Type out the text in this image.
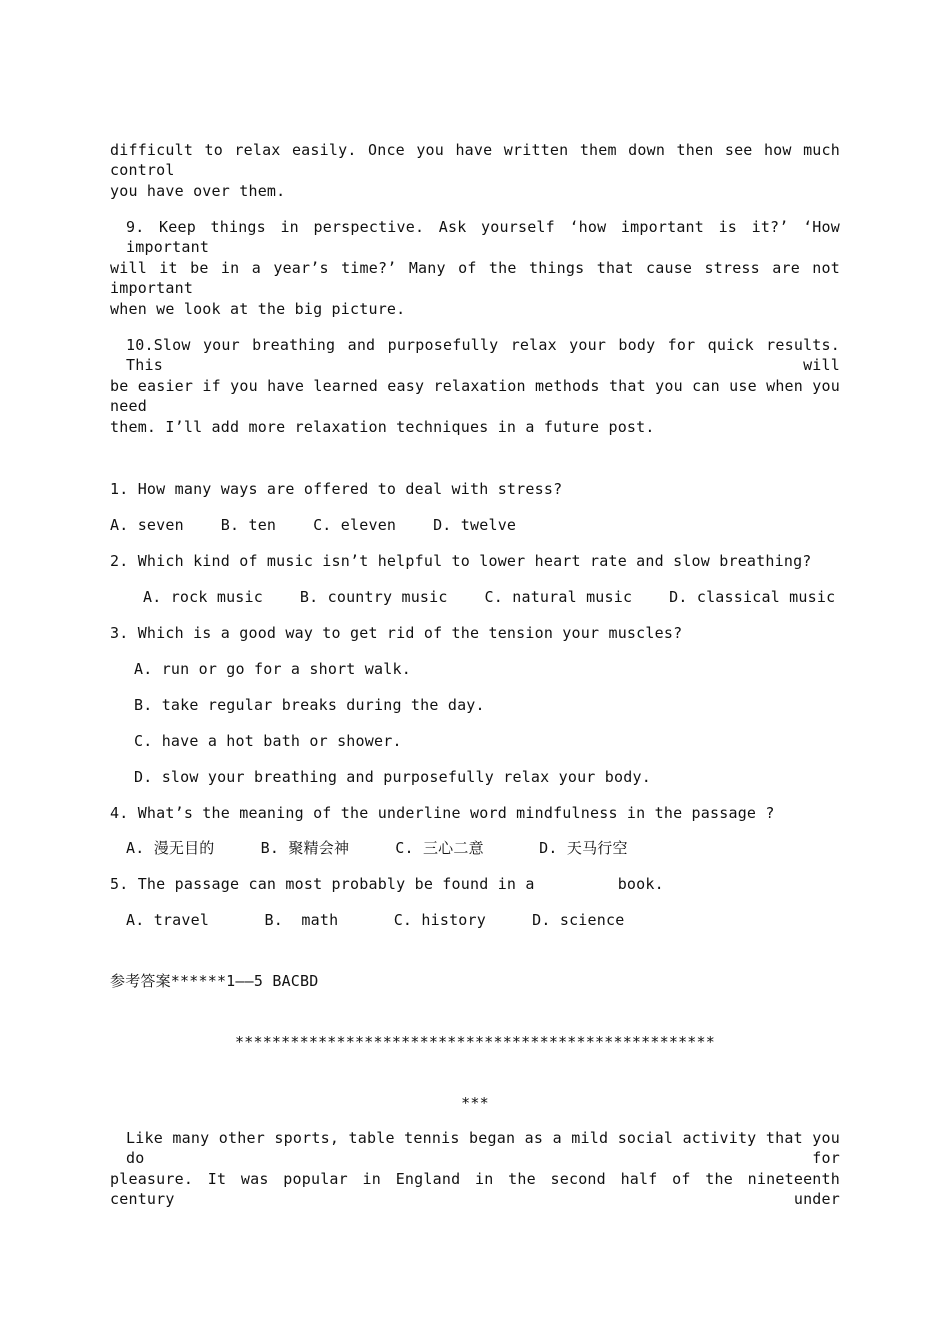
difficult to relax easily. Once you have written them down then see how much control
you have over them.
9. Keep things in perspective. Ask yourself ‘how important is it?’ ‘How important
will it be in a year’s time?’ Many of the things that cause stress are not important
when we look at the big picture.
10.Slow your breathing and purposefully relax your body for quick results. This will
be easier if you have learned easy relaxation methods that you can use when you need
them. I’ll add more relaxation techniques in a future post.
1. How many ways are offered to deal with stress?
A. seven    B. ten    C. eleven    D. twelve
2. Which kind of music isn’t helpful to lower heart rate and slow breathing?
A. rock music    B. country music    C. natural music    D. classical music
3. Which is a good way to get rid of the tension your muscles?
A. run or go for a short walk.
B. take regular breaks during the day.
C. have a hot bath or shower.
D. slow your breathing and purposefully relax your body.
4. What’s the meaning of the underline word mindfulness in the passage ?
A. 漫无目的     B. 聚精会神     C. 三心二意      D. 天马行空
5. The passage can most probably be found in a         book.
A. travel      B.  math      C. history     D. science
参考答案******1——5 BACBD
****************************************************
***
Like many other sports, table tennis began as a mild social activity that you do for
pleasure. It was popular in England in the second half of the nineteenth century under
